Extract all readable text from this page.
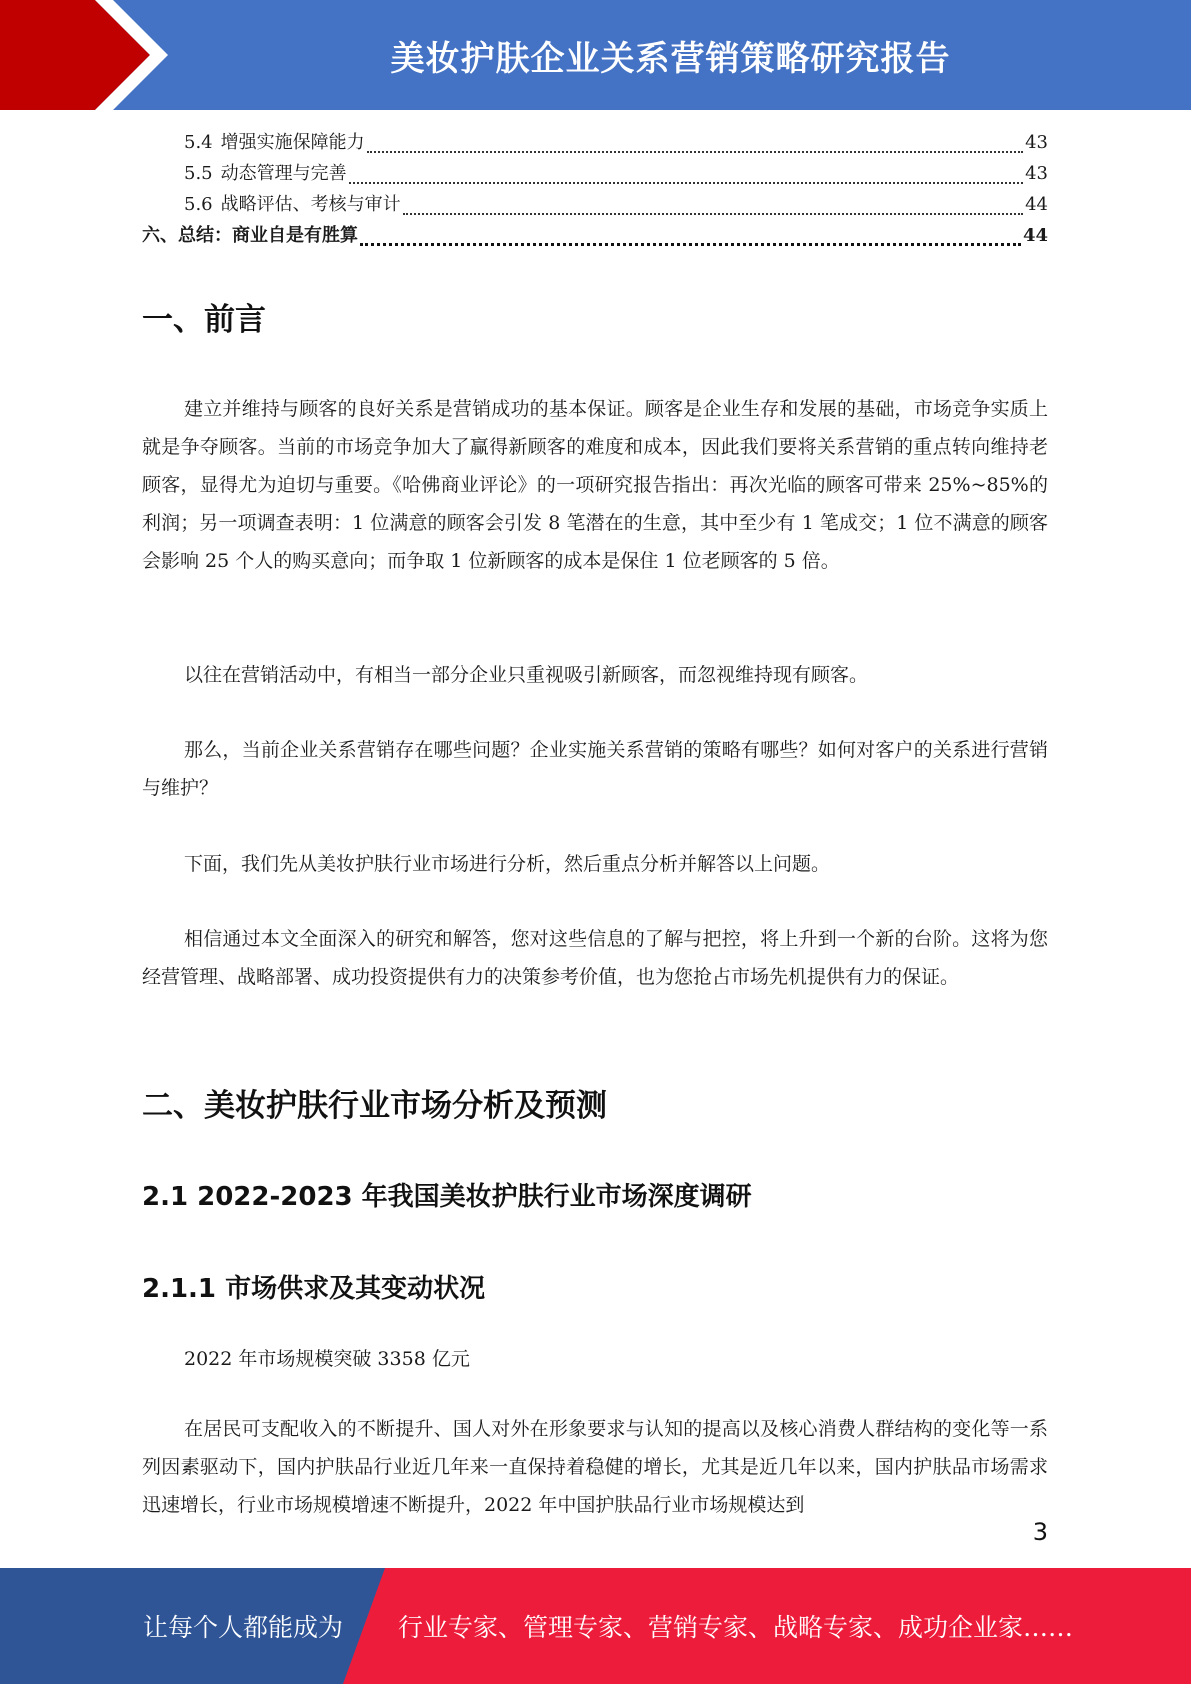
美妆护肤企业关系营销策略研究报告
5.4 增强实施保障能力	43
5.5 动态管理与完善	43
5.6 战略评估、考核与审计	44
六、总结：商业自是有胜算	44
一、前言

建立并维持与顾客的良好关系是营销成功的基本保证。顾客是企业生存和发展的基础，市场竞争实质上就是争夺顾客。当前的市场竞争加大了赢得新顾客的难度和成本，因此我们要将关系营销的重点转向维持老顾客，显得尤为迫切与重要。《哈佛商业评论》的一项研究报告指出：再次光临的顾客可带来 25%~85%的利润；另一项调查表明：1 位满意的顾客会引发 8 笔潜在的生意，其中至少有 1 笔成交；1 位不满意的顾客会影响 25 个人的购买意向；而争取 1 位新顾客的成本是保住 1 位老顾客的 5 倍。

以往在营销活动中，有相当一部分企业只重视吸引新顾客，而忽视维持现有顾客。

那么，当前企业关系营销存在哪些问题？企业实施关系营销的策略有哪些？如何对客户的关系进行营销与维护？

下面，我们先从美妆护肤行业市场进行分析，然后重点分析并解答以上问题。

相信通过本文全面深入的研究和解答，您对这些信息的了解与把控，将上升到一个新的台阶。这将为您经营管理、战略部署、成功投资提供有力的决策参考价值，也为您抢占市场先机提供有力的保证。

二、美妆护肤行业市场分析及预测
2.1 2022-2023 年我国美妆护肤行业市场深度调研
2.1.1 市场供求及其变动状况

2022 年市场规模突破 3358 亿元

在居民可支配收入的不断提升、国人对外在形象要求与认知的提高以及核心消费人群结构的变化等一系列因素驱动下，国内护肤品行业近几年来一直保持着稳健的增长，尤其是近几年以来，国内护肤品市场需求迅速增长，行业市场规模增速不断提升，2022 年中国护肤品行业市场规模达到

3
让每个人都能成为 行业专家、管理专家、营销专家、战略专家、成功企业家……
